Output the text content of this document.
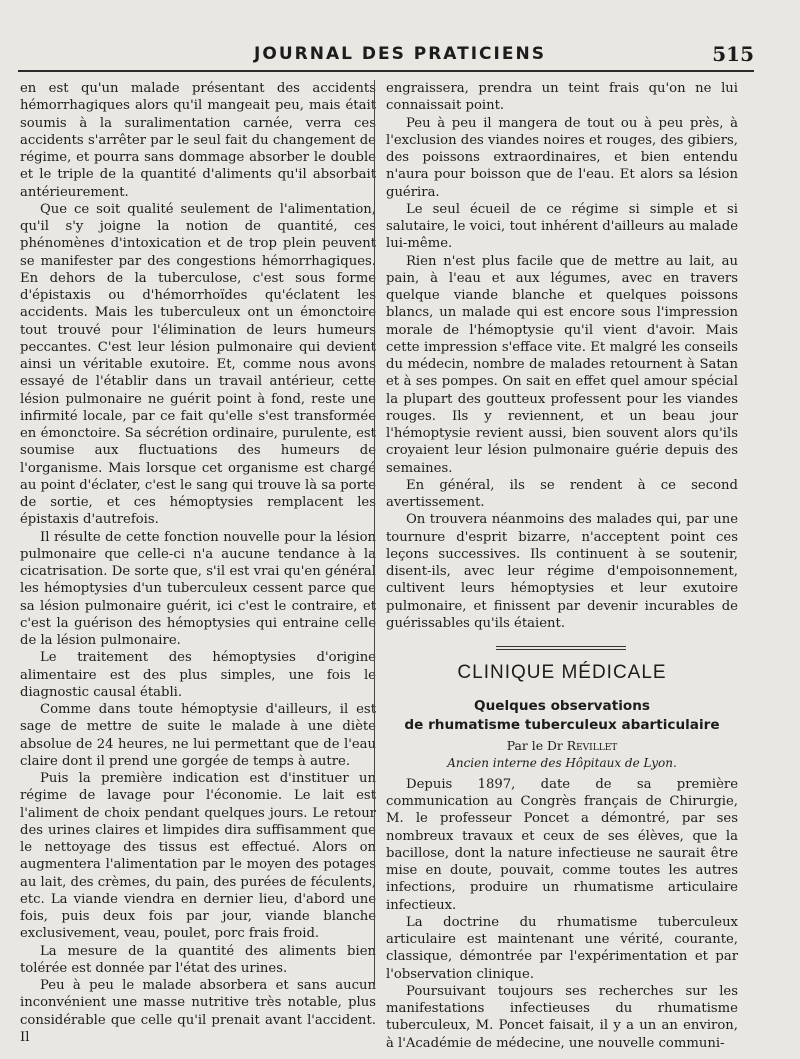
JOURNAL DES PRATICIENS	515

en est qu'un malade présentant des accidents hémorrhagiques alors qu'il mangeait peu, mais était soumis à la suralimentation carnée, verra ces accidents s'arrêter par le seul fait du changement de régime, et pourra sans dommage absorber le double et le triple de la quantité d'aliments qu'il absorbait antérieurement.

Que ce soit qualité seulement de l'alimentation, qu'il s'y joigne la notion de quantité, ces phénomènes d'intoxication et de trop plein peuvent se manifester par des congestions hémorrhagiques. En dehors de la tuberculose, c'est sous forme d'épistaxis ou d'hémorrhoïdes qu'éclatent les accidents. Mais les tuberculeux ont un émonctoire tout trouvé pour l'élimination de leurs humeurs peccantes. C'est leur lésion pulmonaire qui devient ainsi un véritable exutoire. Et, comme nous avons essayé de l'établir dans un travail antérieur, cette lésion pulmonaire ne guérit point à fond, reste une infirmité locale, par ce fait qu'elle s'est transformée en émonctoire. Sa sécrétion ordinaire, purulente, est soumise aux fluctuations des humeurs de l'organisme. Mais lorsque cet organisme est chargé au point d'éclater, c'est le sang qui trouve là sa porte de sortie, et ces hémoptysies remplacent les épistaxis d'autrefois.

Il résulte de cette fonction nouvelle pour la lésion pulmonaire que celle-ci n'a aucune tendance à la cicatrisation. De sorte que, s'il est vrai qu'en général les hémoptysies d'un tuberculeux cessent parce que sa lésion pulmonaire guérit, ici c'est le contraire, et c'est la guérison des hémoptysies qui entraine celle de la lésion pulmonaire.

Le traitement des hémoptysies d'origine alimentaire est des plus simples, une fois le diagnostic causal établi.

Comme dans toute hémoptysie d'ailleurs, il est sage de mettre de suite le malade à une diète absolue de 24 heures, ne lui permettant que de l'eau claire dont il prend une gorgée de temps à autre.

Puis la première indication est d'instituer un régime de lavage pour l'économie. Le lait est l'aliment de choix pendant quelques jours. Le retour des urines claires et limpides dira suffisamment que le nettoyage des tissus est effectué. Alors on augmentera l'alimentation par le moyen des potages au lait, des crèmes, du pain, des purées de féculents, etc. La viande viendra en dernier lieu, d'abord une fois, puis deux fois par jour, viande blanche exclusivement, veau, poulet, porc frais froid.

La mesure de la quantité des aliments bien tolérée est donnée par l'état des urines.

Peu à peu le malade absorbera et sans aucun inconvénient une masse nutritive très notable, plus considérable que celle qu'il prenait avant l'accident. Il

engraissera, prendra un teint frais qu'on ne lui connaissait point.

Peu à peu il mangera de tout ou à peu près, à l'exclusion des viandes noires et rouges, des gibiers, des poissons extraordinaires, et bien entendu n'aura pour boisson que de l'eau. Et alors sa lésion guérira.

Le seul écueil de ce régime si simple et si salutaire, le voici, tout inhérent d'ailleurs au malade lui-même.

Rien n'est plus facile que de mettre au lait, au pain, à l'eau et aux légumes, avec en travers quelque viande blanche et quelques poissons blancs, un malade qui est encore sous l'impression morale de l'hémoptysie qu'il vient d'avoir. Mais cette impression s'efface vite. Et malgré les conseils du médecin, nombre de malades retournent à Satan et à ses pompes. On sait en effet quel amour spécial la plupart des goutteux professent pour les viandes rouges. Ils y reviennent, et un beau jour l'hémoptysie revient aussi, bien souvent alors qu'ils croyaient leur lésion pulmonaire guérie depuis des semaines.

En général, ils se rendent à ce second avertissement.

On trouvera néanmoins des malades qui, par une tournure d'esprit bizarre, n'acceptent point ces leçons successives. Ils continuent à se soutenir, disent-ils, avec leur régime d'empoisonnement, cultivent leurs hémoptysies et leur exutoire pulmonaire, et finissent par devenir incurables de guérissables qu'ils étaient.

CLINIQUE MÉDICALE
Quelques observations
de rhumatisme tuberculeux abarticulaire
Par le Dr Revillet
Ancien interne des Hôpitaux de Lyon.

Depuis 1897, date de sa première communication au Congrès français de Chirurgie, M. le professeur Poncet a démontré, par ses nombreux travaux et ceux de ses élèves, que la bacillose, dont la nature infectieuse ne saurait être mise en doute, pouvait, comme toutes les autres infections, produire un rhumatisme articulaire infectieux.

La doctrine du rhumatisme tuberculeux articulaire est maintenant une vérité, courante, classique, démontrée par l'expérimentation et par l'observation clinique.

Poursuivant toujours ses recherches sur les manifestations infectieuses du rhumatisme tuberculeux, M. Poncet faisait, il y a un an environ, à l'Académie de médecine, une nouvelle communi-
